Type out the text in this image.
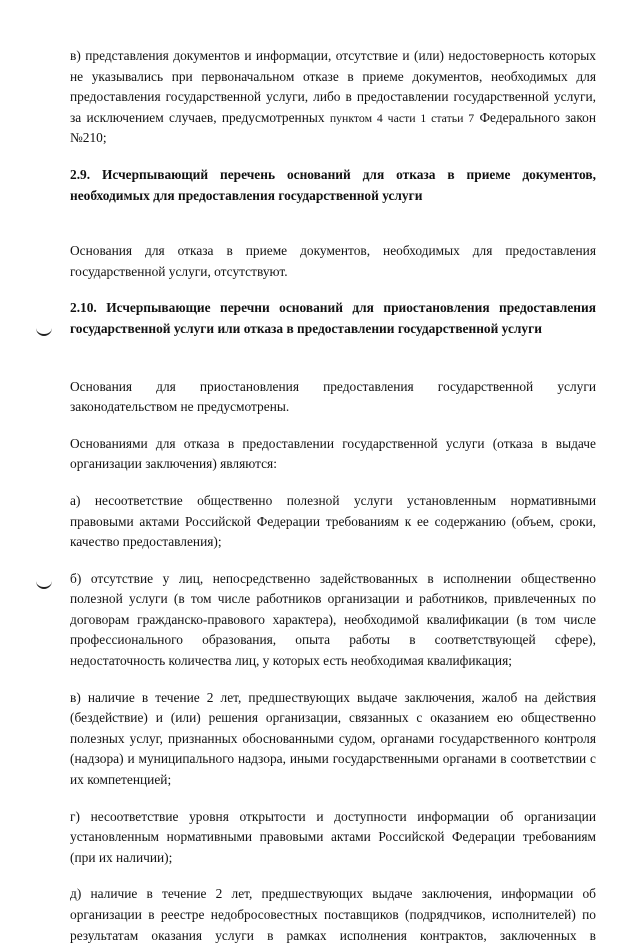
в) представления документов и информации, отсутствие и (или) недостоверность которых не указывались при первоначальном отказе в приеме документов, необходимых для предоставления государственной услуги, либо в предоставлении государственной услуги, за исключением случаев, предусмотренных пунктом 4 части 1 статьи 7 Федерального закон №210;

2.9. Исчерпывающий перечень оснований для отказа в приеме документов, необходимых для предоставления государственной услуги

Основания для отказа в приеме документов, необходимых для предоставления государственной услуги, отсутствуют.

2.10. Исчерпывающие перечни оснований для приостановления предоставления государственной услуги или отказа в предоставлении государственной услуги

Основания для приостановления предоставления государственной услуги

законодательством не предусмотрены.

Основаниями для отказа в предоставлении государственной услуги (отказа в выдаче организации заключения) являются:

а) несоответствие общественно полезной услуги установленным нормативными правовыми актами Российской Федерации требованиям к ее содержанию (объем, сроки, качество предоставления);

б) отсутствие у лиц, непосредственно задействованных в исполнении общественно полезной услуги (в том числе работников организации и работников, привлеченных по договорам гражданско-правового характера), необходимой квалификации (в том числе профессионального образования, опыта работы в соответствующей сфере), недостаточность количества лиц, у которых есть необходимая квалификация;

в) наличие в течение 2 лет, предшествующих выдаче заключения, жалоб на действия (бездействие) и (или) решения организации, связанных с оказанием ею общественно полезных услуг, признанных обоснованными судом, органами государственного контроля (надзора) и муниципального надзора, иными государственными органами в соответствии с их компетенцией;

г) несоответствие уровня открытости и доступности информации об организации установленным нормативными правовыми актами Российской Федерации требованиям (при их наличии);

д) наличие в течение 2 лет, предшествующих выдаче заключения, информации об организации в реестре недобросовестных поставщиков (подрядчиков, исполнителей) по результатам оказания услуги в рамках исполнения контрактов, заключенных в
